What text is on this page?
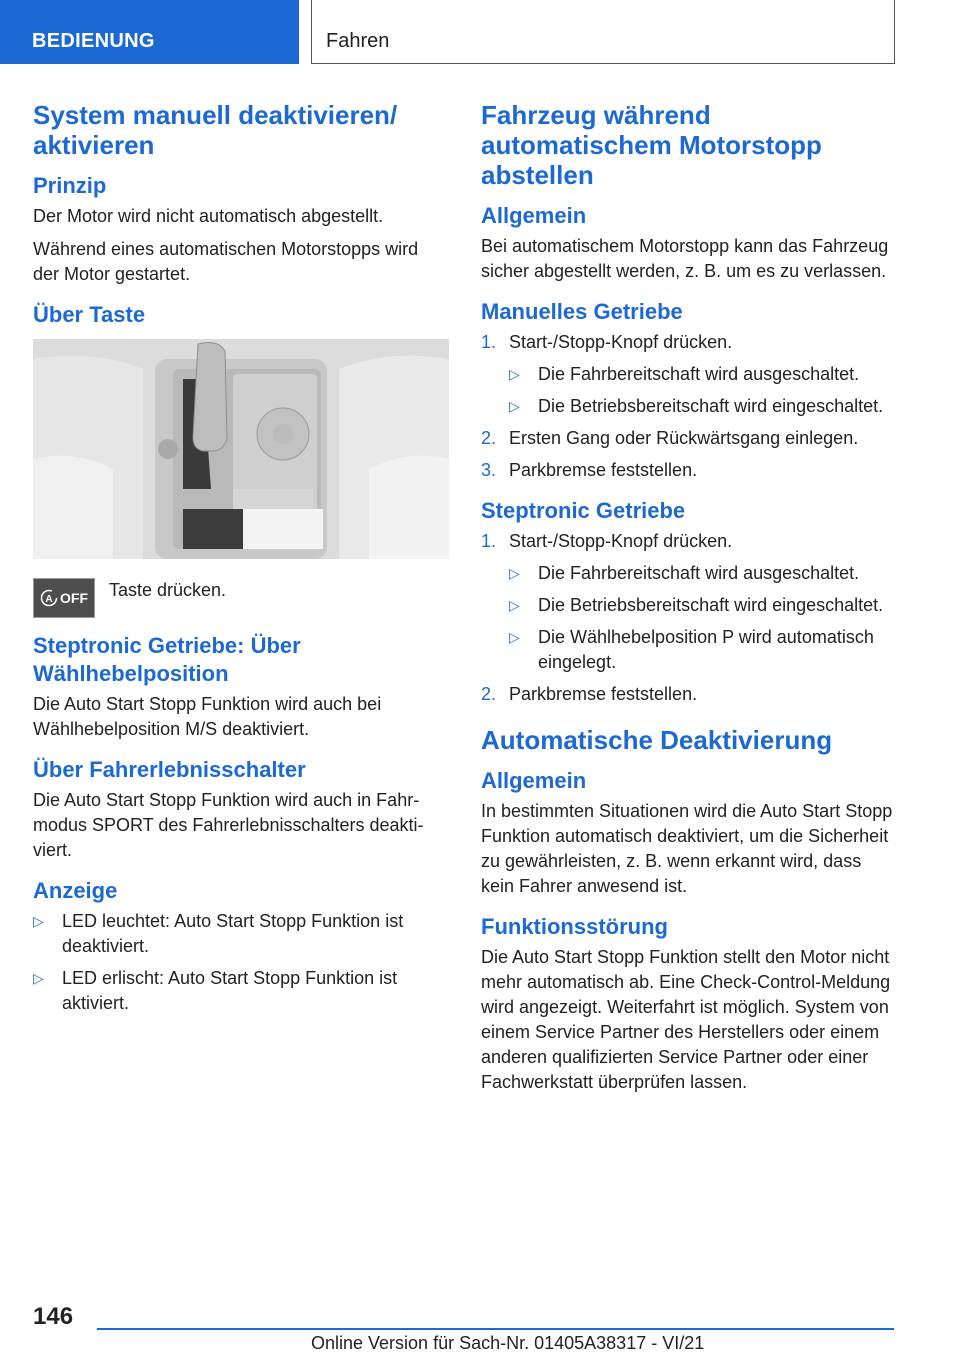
BEDIENUNG	Fahren
System manuell deaktivieren/ aktivieren
Prinzip

Der Motor wird nicht automatisch abgestellt.

Während eines automatischen Motorstopps wird der Motor gestartet.

Über Taste
A OFF Taste drücken.

Steptronic Getriebe: Über Wählhebelposition

Die Auto Start Stopp Funktion wird auch bei Wählhebelposition M/S deaktiviert.

Über Fahrerlebnisschalter

Die Auto Start Stopp Funktion wird auch in Fahrmodus SPORT des Fahrerlebnisschalters deaktiviert.

Anzeige
▷ LED leuchtet: Auto Start Stopp Funktion ist deaktiviert.
▷ LED erlischt: Auto Start Stopp Funktion ist aktiviert.
Fahrzeug während automatischem Motorstopp abstellen
Allgemein

Bei automatischem Motorstopp kann das Fahrzeug sicher abgestellt werden, z. B. um es zu verlassen.

Manuelles Getriebe
1. Start-/Stopp-Knopf drücken.
▷ Die Fahrbereitschaft wird ausgeschaltet.
▷ Die Betriebsbereitschaft wird eingeschaltet.
2. Ersten Gang oder Rückwärtsgang einlegen.
3. Parkbremse feststellen.
Steptronic Getriebe
1. Start-/Stopp-Knopf drücken.
▷ Die Fahrbereitschaft wird ausgeschaltet.
▷ Die Betriebsbereitschaft wird eingeschaltet.
▷ Die Wählhebelposition P wird automatisch eingelegt.
2. Parkbremse feststellen.
Automatische Deaktivierung
Allgemein

In bestimmten Situationen wird die Auto Start Stopp Funktion automatisch deaktiviert, um die Sicherheit zu gewährleisten, z. B. wenn erkannt wird, dass kein Fahrer anwesend ist.

Funktionsstörung

Die Auto Start Stopp Funktion stellt den Motor nicht mehr automatisch ab. Eine Check-Control-Meldung wird angezeigt. Weiterfahrt ist möglich. System von einem Service Partner des Herstellers oder einem anderen qualifizierten Service Partner oder einer Fachwerkstatt überprüfen lassen.

146
Online Version für Sach-Nr. 01405A38317 - VI/21
